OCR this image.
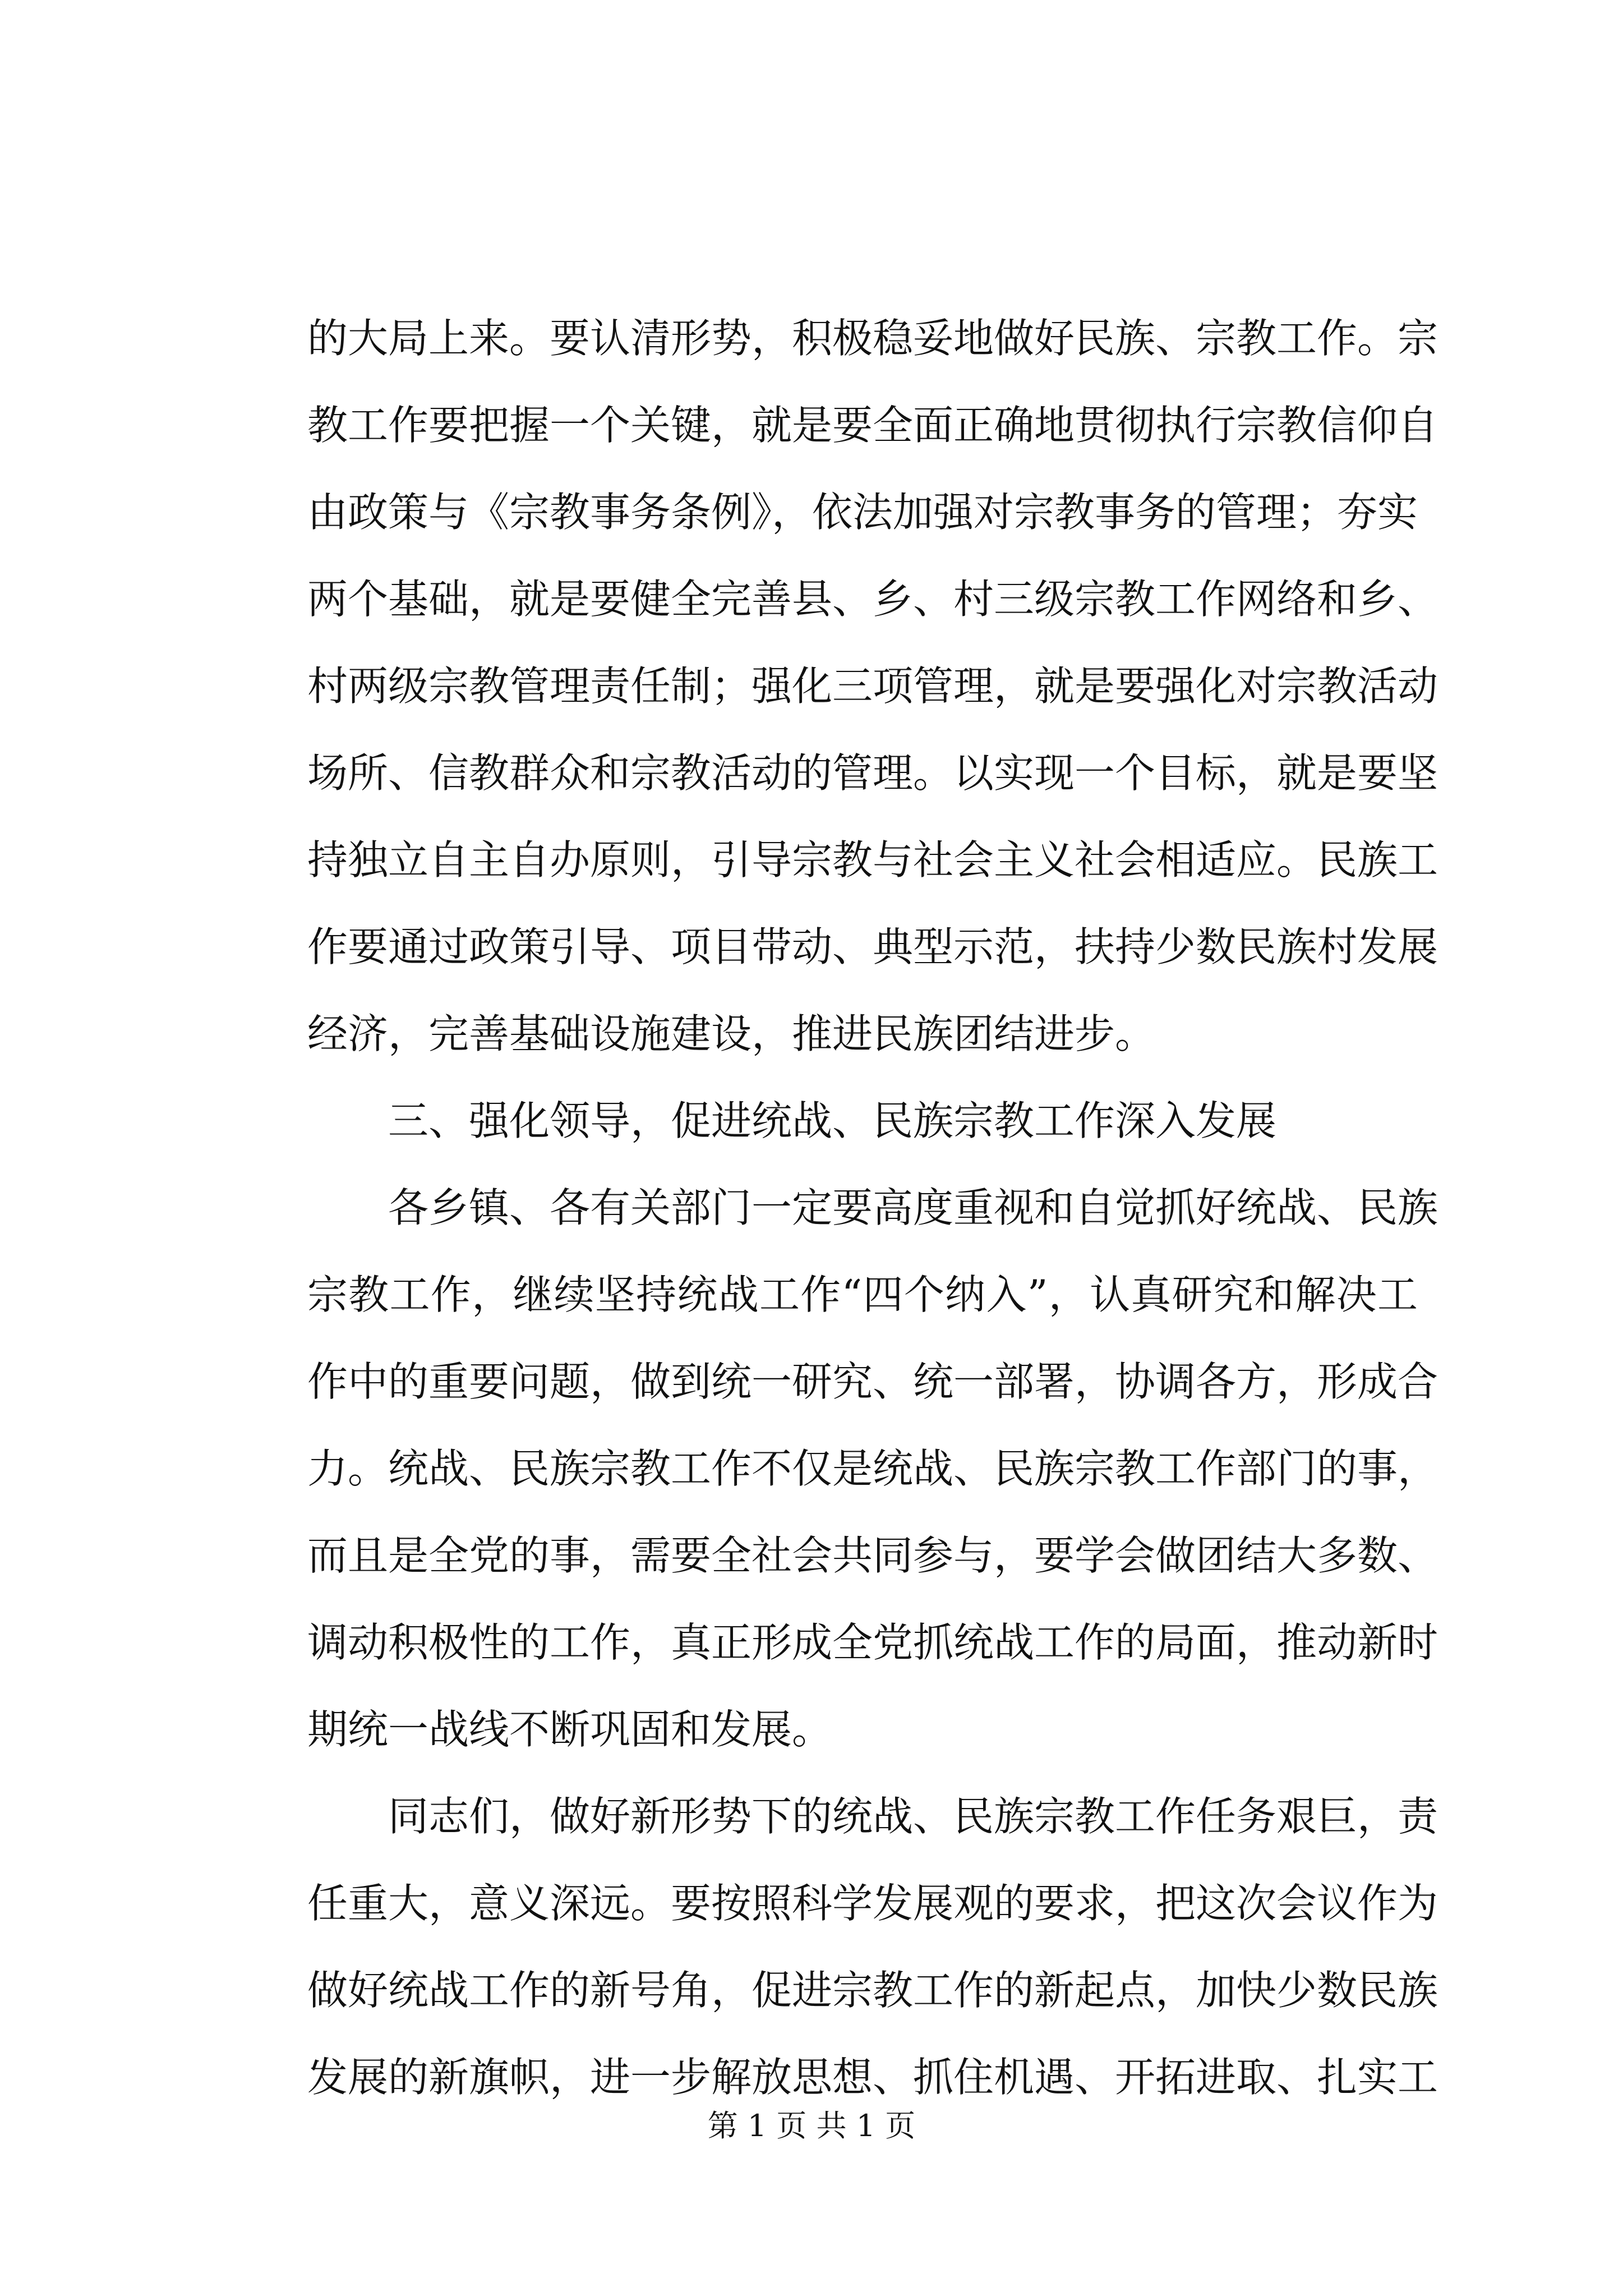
的大局上来。要认清形势，积极稳妥地做好民族、宗教工作。宗
教工作要把握一个关键，就是要全面正确地贯彻执行宗教信仰自
由政策与《宗教事务条例》，依法加强对宗教事务的管理；夯实
两个基础，就是要健全完善县、乡、村三级宗教工作网络和乡、
村两级宗教管理责任制；强化三项管理，就是要强化对宗教活动
场所、信教群众和宗教活动的管理。以实现一个目标，就是要坚
持独立自主自办原则，引导宗教与社会主义社会相适应。民族工
作要通过政策引导、项目带动、典型示范，扶持少数民族村发展
经济，完善基础设施建设，推进民族团结进步。
三、强化领导，促进统战、民族宗教工作深入发展
各乡镇、各有关部门一定要高度重视和自觉抓好统战、民族
宗教工作，继续坚持统战工作“四个纳入”，认真研究和解决工
作中的重要问题，做到统一研究、统一部署，协调各方，形成合
力。统战、民族宗教工作不仅是统战、民族宗教工作部门的事，
而且是全党的事，需要全社会共同参与，要学会做团结大多数、
调动积极性的工作，真正形成全党抓统战工作的局面，推动新时
期统一战线不断巩固和发展。
同志们，做好新形势下的统战、民族宗教工作任务艰巨，责
任重大，意义深远。要按照科学发展观的要求，把这次会议作为
做好统战工作的新号角，促进宗教工作的新起点，加快少数民族
发展的新旗帜，进一步解放思想、抓住机遇、开拓进取、扎实工
第 1 页 共 1 页
